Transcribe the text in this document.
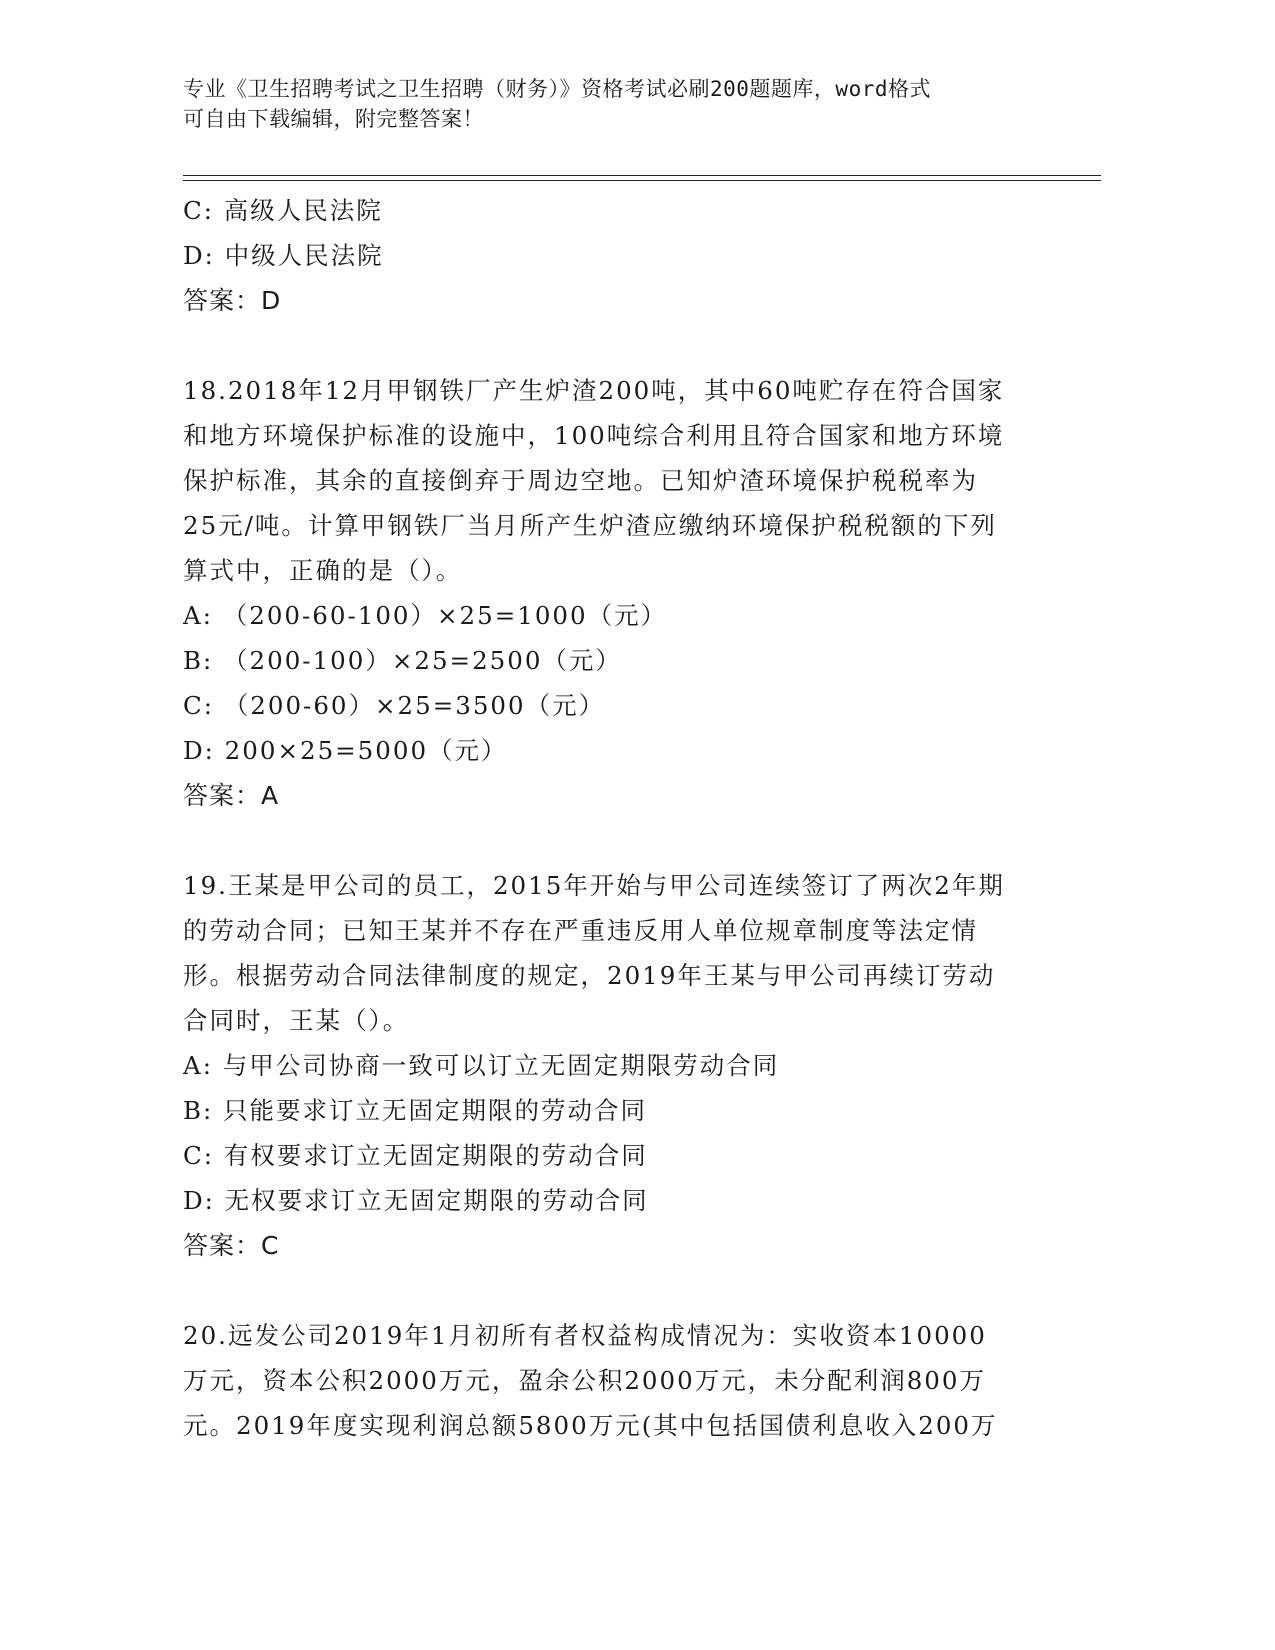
专业《卫生招聘考试之卫生招聘（财务）》资格考试必刷200题题库，word格式
可自由下载编辑，附完整答案！
C: 高级人民法院
D: 中级人民法院
答案：D
18.2018年12月甲钢铁厂产生炉渣200吨，其中60吨贮存在符合国家
和地方环境保护标准的设施中，100吨综合利用且符合国家和地方环境
保护标准，其余的直接倒弃于周边空地。已知炉渣环境保护税税率为
25元/吨。计算甲钢铁厂当月所产生炉渣应缴纳环境保护税税额的下列
算式中，正确的是（）。
A: （200-60-100）×25=1000（元）
B: （200-100）×25=2500（元）
C: （200-60）×25=3500（元）
D: 200×25=5000（元）
答案：A
19.王某是甲公司的员工，2015年开始与甲公司连续签订了两次2年期
的劳动合同；已知王某并不存在严重违反用人单位规章制度等法定情
形。根据劳动合同法律制度的规定，2019年王某与甲公司再续订劳动
合同时，王某（）。
A: 与甲公司协商一致可以订立无固定期限劳动合同
B: 只能要求订立无固定期限的劳动合同
C: 有权要求订立无固定期限的劳动合同
D: 无权要求订立无固定期限的劳动合同
答案：C
20.远发公司2019年1月初所有者权益构成情况为：实收资本10000
万元，资本公积2000万元，盈余公积2000万元，未分配利润800万
元。2019年度实现利润总额5800万元(其中包括国债利息收入200万
